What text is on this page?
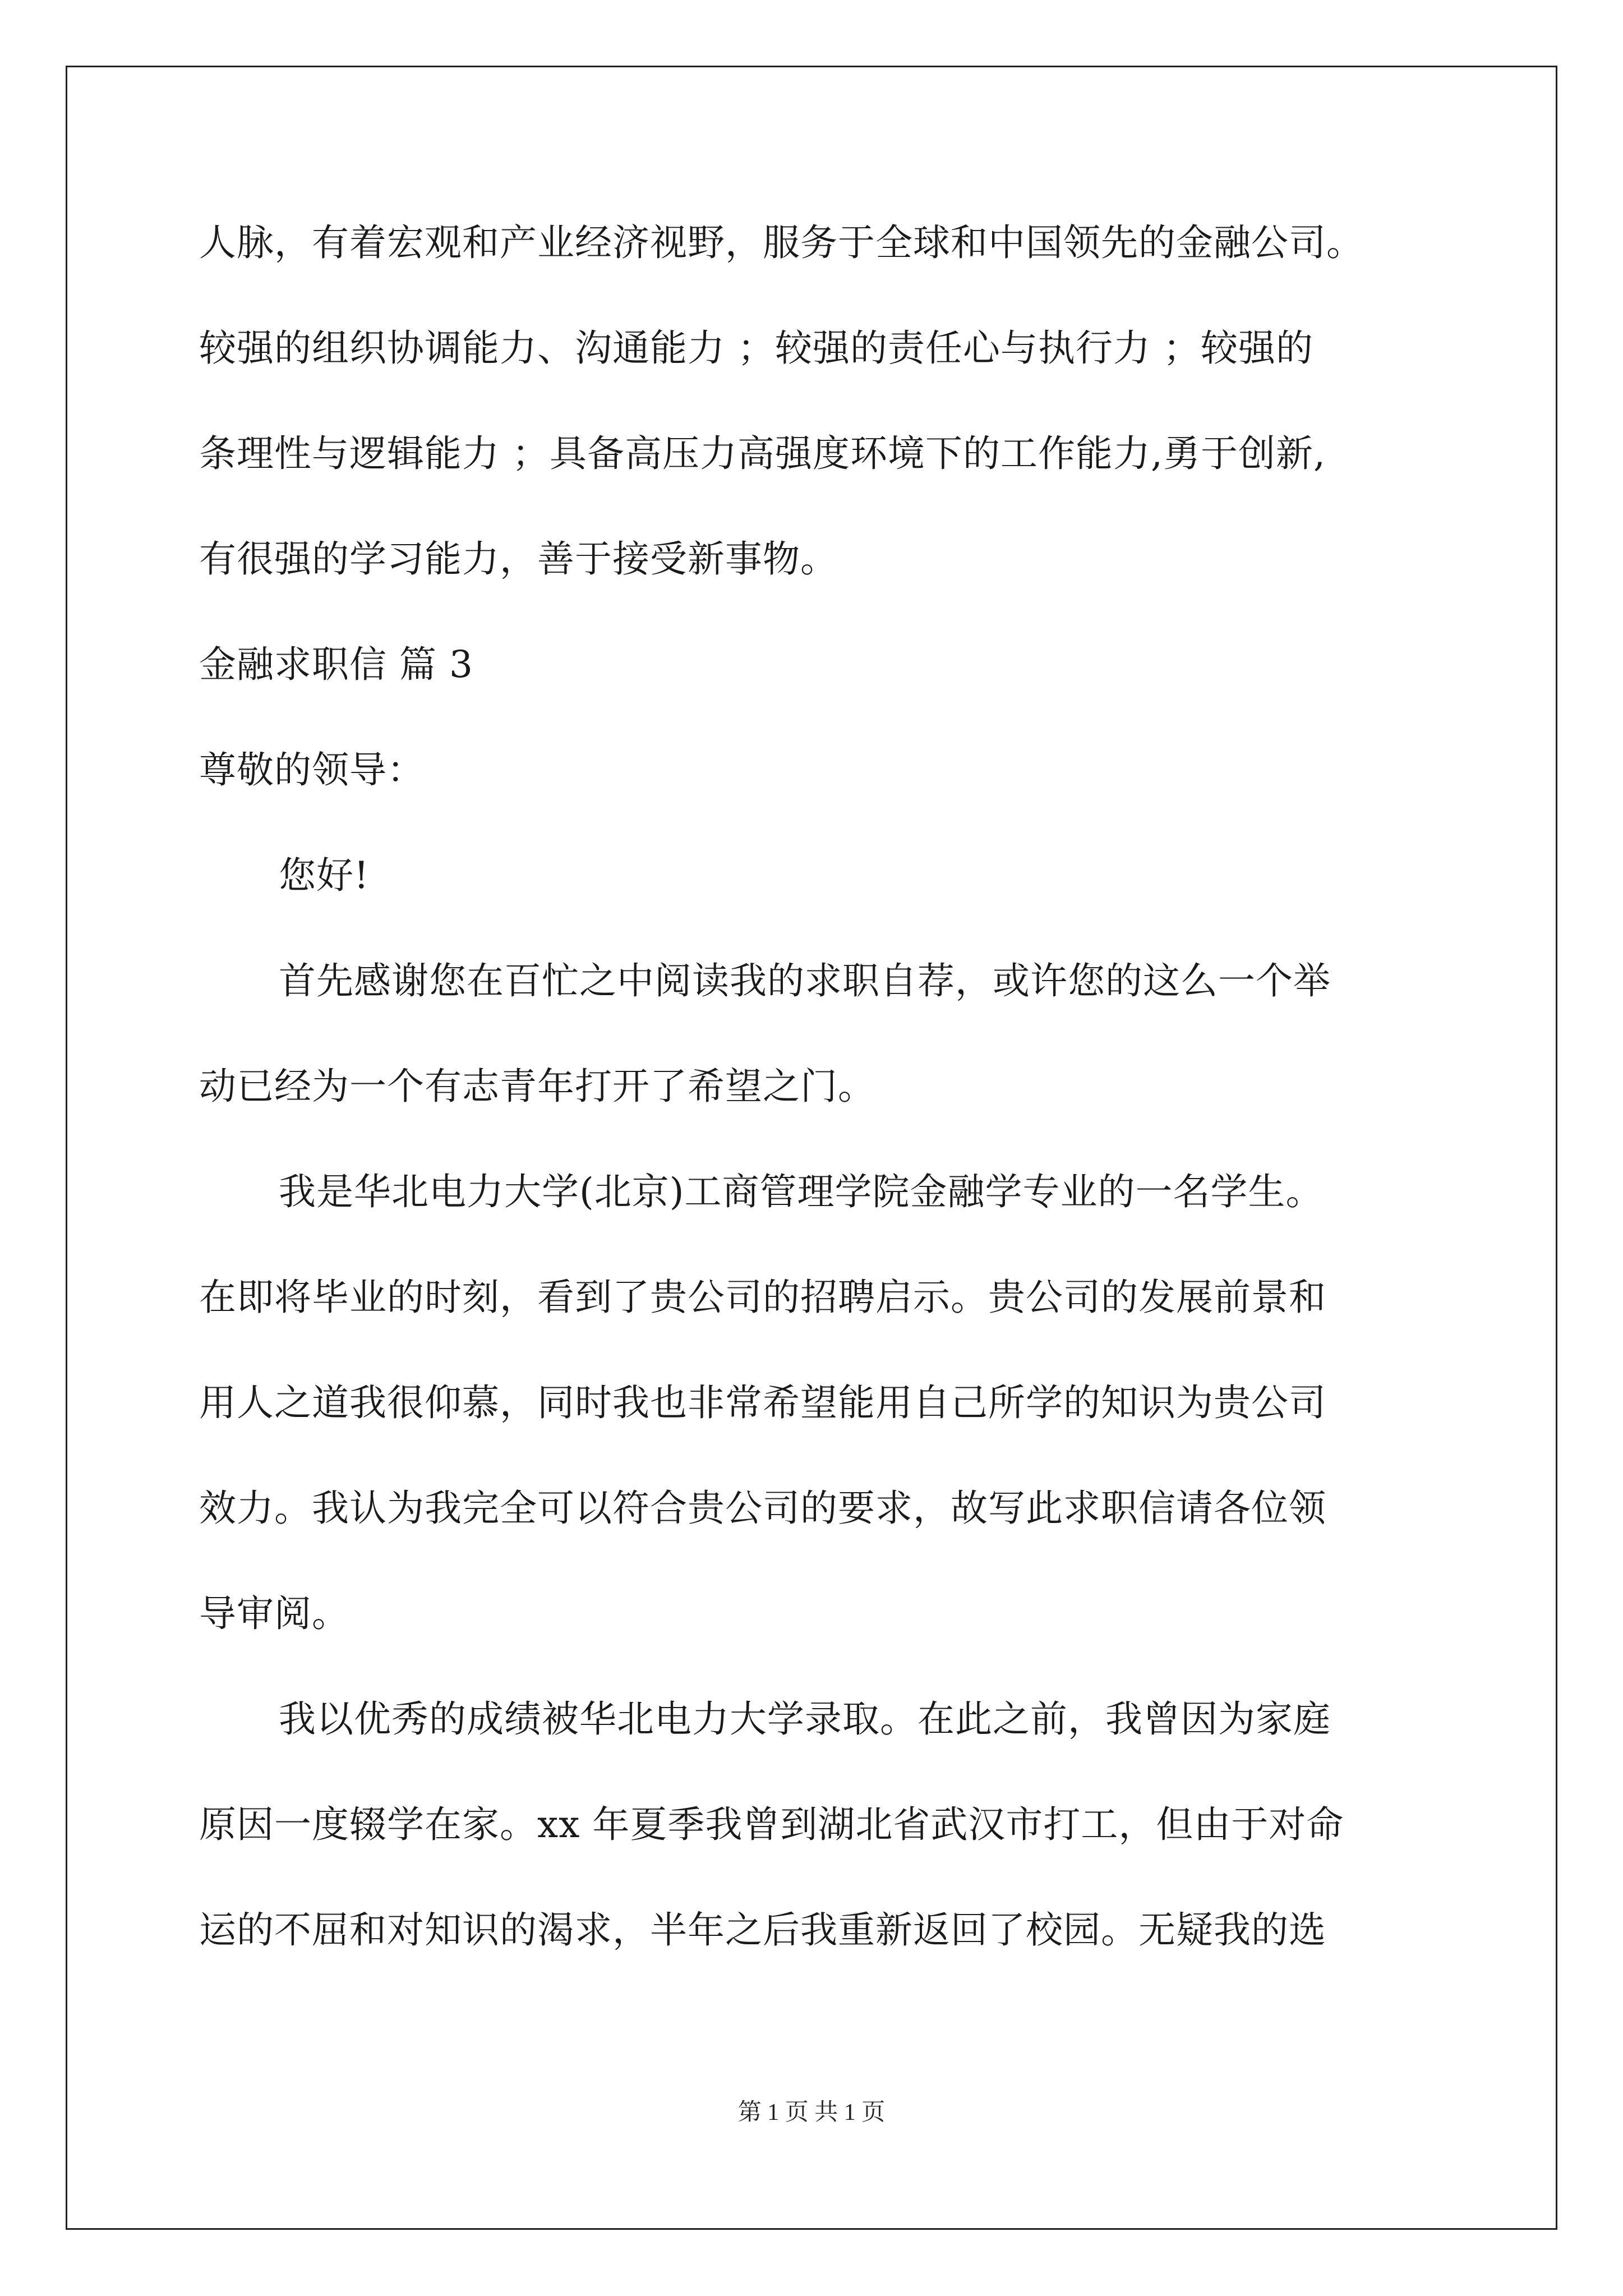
人脉，有着宏观和产业经济视野，服务于全球和中国领先的金融公司。
较强的组织协调能力、沟通能力 ；较强的责任心与执行力 ；较强的
条理性与逻辑能力 ；具备高压力高强度环境下的工作能力,勇于创新,
有很强的学习能力，善于接受新事物。
金融求职信 篇 3
尊敬的领导：
您好!
首先感谢您在百忙之中阅读我的求职自荐，或许您的这么一个举
动已经为一个有志青年打开了希望之门。
我是华北电力大学(北京)工商管理学院金融学专业的一名学生。
在即将毕业的时刻，看到了贵公司的招聘启示。贵公司的发展前景和
用人之道我很仰慕，同时我也非常希望能用自己所学的知识为贵公司
效力。我认为我完全可以符合贵公司的要求，故写此求职信请各位领
导审阅。
我以优秀的成绩被华北电力大学录取。在此之前，我曾因为家庭
原因一度辍学在家。xx 年夏季我曾到湖北省武汉市打工，但由于对命
运的不屈和对知识的渴求，半年之后我重新返回了校园。无疑我的选
第 1 页 共 1 页
